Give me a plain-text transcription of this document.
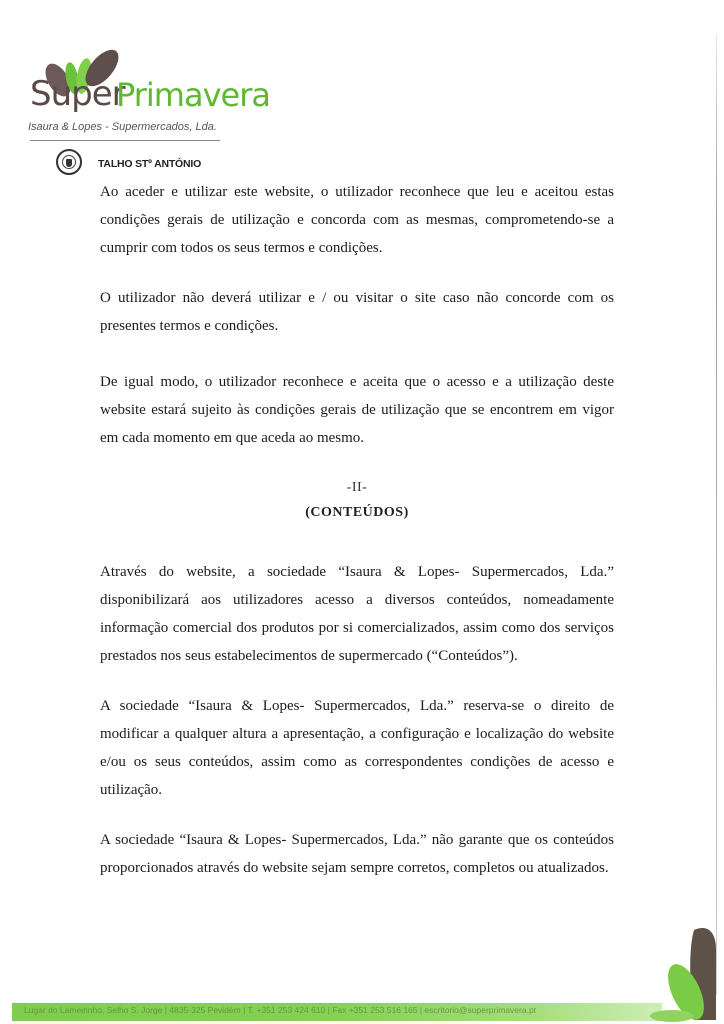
Super
Primavera
Isaura & Lopes - Supermercados, Lda.
TALHO STº ANTÓNIO

Ao aceder e utilizar este website, o utilizador reconhece que leu e aceitou estas condições gerais de utilização e concorda com as mesmas, comprometendo-se a cumprir com todos os seus termos e condições.

O utilizador não deverá utilizar e / ou visitar o site caso não concorde com os presentes termos e condições.

De igual modo, o utilizador reconhece e aceita que o acesso e a utilização deste website estará sujeito às condições gerais de utilização que se encontrem em vigor em cada momento em que aceda ao mesmo.

-II-
(CONTEÚDOS)

Através do website, a sociedade “Isaura & Lopes- Supermercados, Lda.” disponibilizará aos utilizadores acesso a diversos conteúdos, nomeadamente informação comercial dos produtos por si comercializados, assim como dos serviços prestados nos seus estabelecimentos de supermercado (“Conteúdos”).

A sociedade “Isaura & Lopes- Supermercados, Lda.” reserva-se o direito de modificar a qualquer altura a apresentação, a configuração e localização do website e/ou os seus conteúdos, assim como as correspondentes condições de acesso e utilização.

A sociedade “Isaura & Lopes- Supermercados, Lda.” não garante que os conteúdos proporcionados através do website sejam sempre corretos, completos ou atualizados.

Lugar do Lameirinho, Selho S. Jorge | 4835-325 Pevidém | T. +351 253 424 610 | Fax +351 253 516 165 | escritorio@superprimavera.pt
